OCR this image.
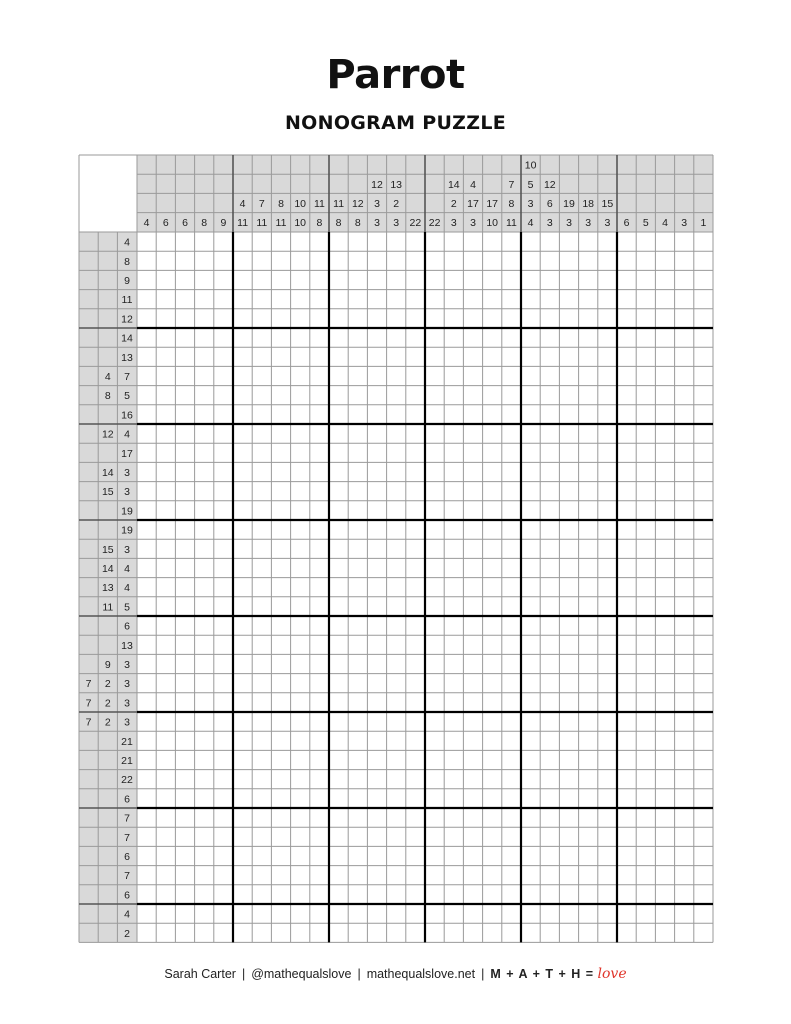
Parrot
NONOGRAM PUZZLE
4 6 6 8 9
4
11
7
11
8
11
10
10
11
8
11
8
12
8
12
3
3
13
2
3 22 22
14
2
3
4
17
3
17
10
7
8
11
10
5
3
4
12
6
3
19
3
18
3
15
3 6 5 4 3 1
4
8
9
11
12
14
13
4 7
8 5
16
12 4
17
14 3
15 3
19
19
15 3
14 4
13 4
11 5
6
13
9 3
7 2 3
7 2 3
7 2 3
21
21
22
6
7
7
6
7
6
4
2
Sarah Carter | @mathequalslove | mathequalslove.net | M + A + T + H = love
